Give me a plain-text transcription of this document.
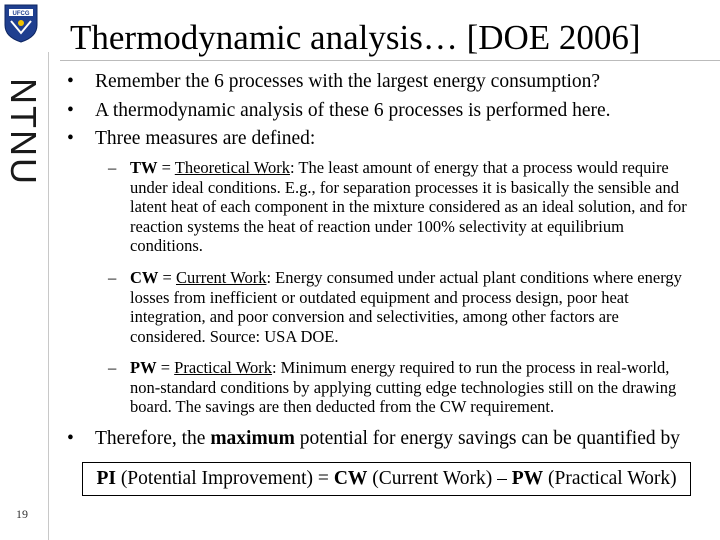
UFCG
NTNU
Thermodynamic analysis… [DOE 2006]
• Remember the 6 processes with the largest energy consumption?
• A thermodynamic analysis of these 6 processes is performed here.
• Three measures are defined:
– TW = Theoretical Work: The least amount of energy that a process would require under ideal conditions. E.g., for separation processes it is basically the sensible and latent heat of each component in the mixture considered as an ideal solution, and for reaction systems the heat of reaction under 100% selectivity at equilibrium conditions.
– CW = Current Work: Energy consumed under actual plant conditions where energy losses from inefficient or outdated equipment and process design, poor heat integration, and poor conversion and selectivities, among other factors are considered. Source: USA DOE.
– PW = Practical Work: Minimum energy required to run the process in real-world, non-standard conditions by applying cutting edge technologies still on the drawing board. The savings are then deducted from the CW requirement.
• Therefore, the maximum potential for energy savings can be quantified by
PI (Potential Improvement) = CW (Current Work) – PW (Practical Work)
19
